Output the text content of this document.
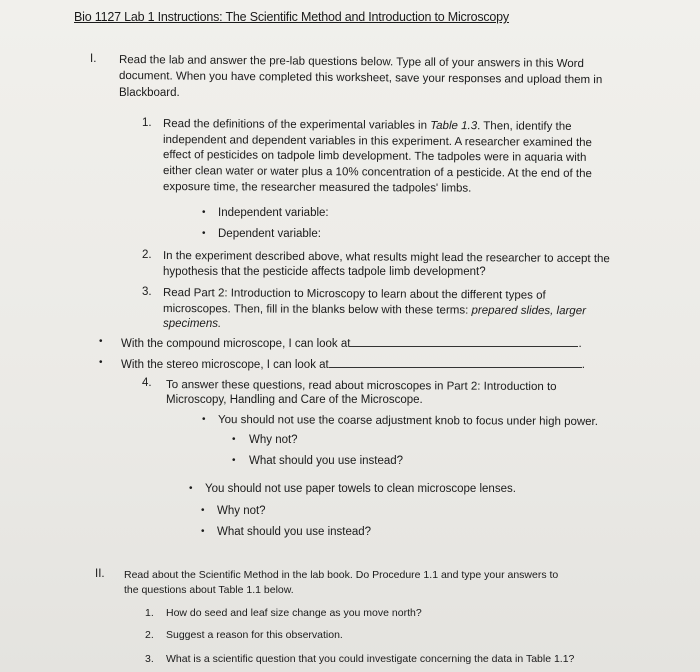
Bio 1127 Lab 1 Instructions: The Scientific Method and Introduction to Microscopy
I. Read the lab and answer the pre-lab questions below. Type all of your answers in this Word
document. When you have completed this worksheet, save your responses and upload them in
Blackboard.
1. Read the definitions of the experimental variables in Table 1.3. Then, identify the
independent and dependent variables in this experiment. A researcher examined the
effect of pesticides on tadpole limb development. The tadpoles were in aquaria with
either clean water or water plus a 10% concentration of a pesticide. At the end of the
exposure time, the researcher measured the tadpoles' limbs.
• Independent variable:
• Dependent variable:
2. In the experiment described above, what results might lead the researcher to accept the
hypothesis that the pesticide affects tadpole limb development?
3. Read Part 2: Introduction to Microscopy to learn about the different types of
microscopes. Then, fill in the blanks below with these terms: prepared slides, larger
specimens.
• With the compound microscope, I can look at	.
• With the stereo microscope, I can look at	.
4. To answer these questions, read about microscopes in Part 2: Introduction to
Microscopy, Handling and Care of the Microscope.
• You should not use the coarse adjustment knob to focus under high power.
• Why not?
• What should you use instead?
• You should not use paper towels to clean microscope lenses.
• Why not?
• What should you use instead?
II. Read about the Scientific Method in the lab book. Do Procedure 1.1 and type your answers to
the questions about Table 1.1 below.
1. How do seed and leaf size change as you move north?
2. Suggest a reason for this observation.
3. What is a scientific question that you could investigate concerning the data in Table 1.1?
